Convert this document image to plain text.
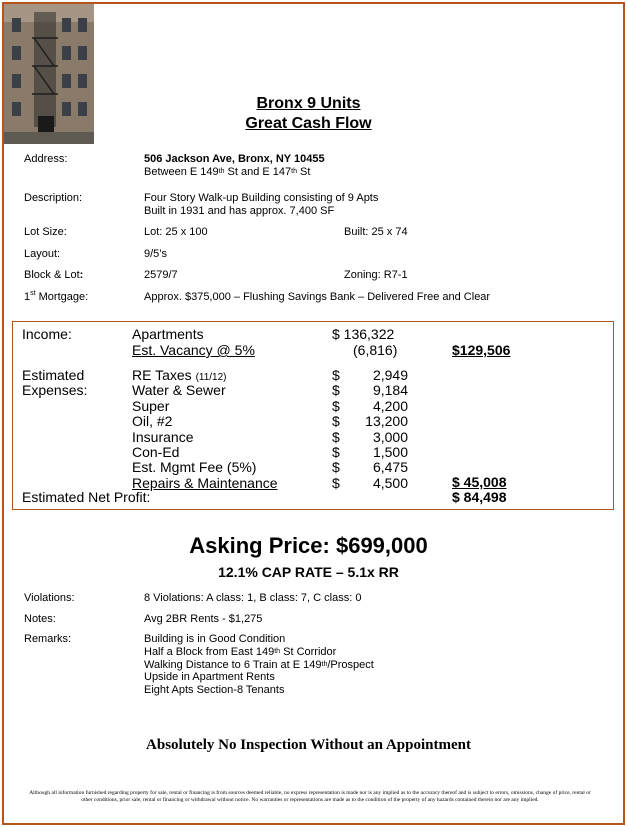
Bronx 9 Units
Great Cash Flow
Address:	506 Jackson Ave, Bronx, NY 10455
Between E 149th St and E 147th St
Description:	Four Story Walk-up Building consisting of 9 Apts
Built in 1931 and has approx. 7,400 SF
Lot Size:	Lot: 25 x 100	Built: 25 x 74
Layout:	9/5’s
Block & Lot:	2579/7	Zoning: R7-1
1st Mortgage:	Approx. $375,000 – Flushing Savings Bank – Delivered Free and Clear
Income:	Apartments	$ 136,322
Est. Vacancy @ 5%	(6,816)	$129,506
Estimated
Expenses:
RE Taxes (11/12)	$ 2,949
Water & Sewer	$ 9,184
Super	$ 4,200
Oil, #2	$ 13,200
Insurance	$ 3,000
Con-Ed	$ 1,500
Est. Mgmt Fee (5%)	$ 6,475
Repairs & Maintenance	$ 4,500	$ 45,008
Estimated Net Profit:	$ 84,498
Asking Price: $699,000
12.1% CAP RATE – 5.1x RR
Violations:	8 Violations: A class: 1, B class: 7, C class: 0
Notes:	Avg 2BR Rents - $1,275
Remarks:	Building is in Good Condition
Half a Block from East 149th St Corridor
Walking Distance to 6 Train at E 149th/Prospect
Upside in Apartment Rents
Eight Apts Section-8 Tenants
Absolutely No Inspection Without an Appointment
Although all information furnished regarding property for sale, rental or financing is from sources deemed reliable, no express representation is made nor is any implied as to the accuracy thereof and is subject to errors, omissions, change of price, rental or
other conditions, prior sale, rental or financing or withdrawal without notice. No warranties or representations are made as to the condition of the property of any hazards contained therein nor are any implied.
